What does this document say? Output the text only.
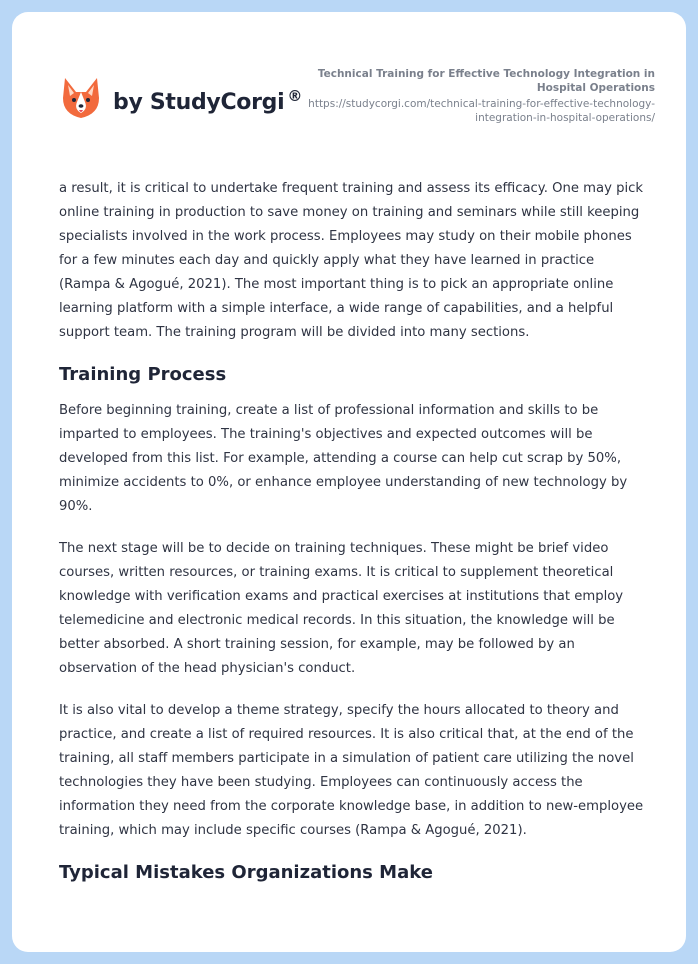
by StudyCorgi ®
Technical Training for Effective Technology Integration in Hospital Operations
https://studycorgi.com/technical-training-for-effective-technology-integration-in-hospital-operations/

a result, it is critical to undertake frequent training and assess its efficacy. One may pick online training in production to save money on training and seminars while still keeping specialists involved in the work process. Employees may study on their mobile phones for a few minutes each day and quickly apply what they have learned in practice (Rampa & Agogué, 2021). The most important thing is to pick an appropriate online learning platform with a simple interface, a wide range of capabilities, and a helpful support team. The training program will be divided into many sections.

Training Process

Before beginning training, create a list of professional information and skills to be imparted to employees. The training's objectives and expected outcomes will be developed from this list. For example, attending a course can help cut scrap by 50%, minimize accidents to 0%, or enhance employee understanding of new technology by 90%.

The next stage will be to decide on training techniques. These might be brief video courses, written resources, or training exams. It is critical to supplement theoretical knowledge with verification exams and practical exercises at institutions that employ telemedicine and electronic medical records. In this situation, the knowledge will be better absorbed. A short training session, for example, may be followed by an observation of the head physician's conduct.

It is also vital to develop a theme strategy, specify the hours allocated to theory and practice, and create a list of required resources. It is also critical that, at the end of the training, all staff members participate in a simulation of patient care utilizing the novel technologies they have been studying. Employees can continuously access the information they need from the corporate knowledge base, in addition to new-employee training, which may include specific courses (Rampa & Agogué, 2021).

Typical Mistakes Organizations Make
